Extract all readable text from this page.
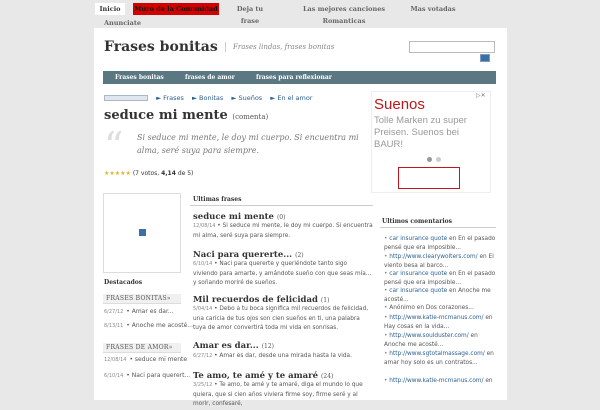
Inicio	Muro de la Comunidad	Deja tu frase
Las mejores canciones Romanticas
Mas votadas
Anunciate
Frases bonitas Frases lindas, frases bonitas
Frases bonitas	frases de amor	frases para reflexionar
► Frases ► Bonitas ► Sueños ► En el amor
seduce mi mente (comenta)
“ Si seduce mi mente, le doy mi cuerpo. Si encuentra mi alma, seré suya para siempre.
★★★★★ (7 votos, 4,14 de 5)
▷✕
Suenos
Tolle Marken zu super Preisen. Suenos bei BAUR!
Destacados
FRASES BONITAS»
6/27/12 • Amar es dar...
8/13/11 • Anoche me acosté...
FRASES DE AMOR»
12/08/14 • seduce mi mente
6/10/14 • Naci para querert...
Ultimas frases
seduce mi mente (0)
12/08/14 • Si seduce mi mente, le doy mi cuerpo. Si encuentra mi alma, seré suya para siempre.
Naci para quererte... (2)
6/10/14 • Naci para quererte y queriéndote tanto sigo viviendo para amarte, y amándote sueño con que seas mía... y soñando moriré de sueños.
Mil recuerdos de felicidad (1)
5/04/14 • Debo a tu boca significa mil recuerdos de felicidad, una caricia de tus ojos son cien sueños en ti, una palabra tuya de amor convertirá toda mi vida en sonrisas.
Amar es dar... (12)
6/27/12 • Amar es dar, desde una mirada hasta la vida.
Te amo, te amé y te amaré (24)
3/25/12 • Te amo, te amé y te amaré, diga el mundo lo que quiera, que si cien años viviera firme soy, firme seré y al morir, confesaré,
Ultimos comentarios
• car insurance quote en En el pasado pensé que era imposible...
• http://www.clearywolters.com/ en El viento besa al barco...
• car insurance quote en En el pasado pensé que era imposible...
• car insurance quote en Anoche me acosté...
• Anónimo en Dos corazones...
• http://www.katie-mcmanus.com/ en Hay cosas en la vida...
• http://www.soulduster.com/ en Anoche me acosté...
• http://www.sgtotalmassage.com/ en amar hoy solo es un contratos...
• http://www.katie-mcmanus.com/ en
